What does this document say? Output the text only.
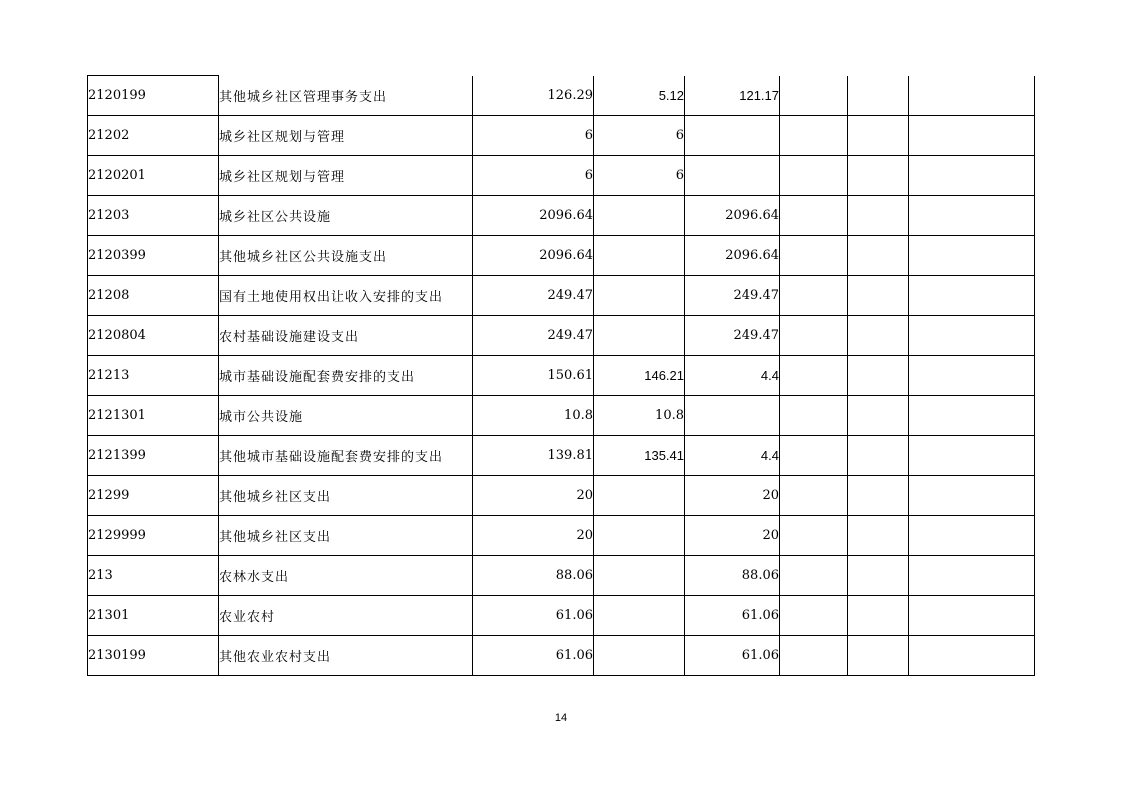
2120199	其他城乡社区管理事务支出	126.29	5.12	121.17			
21202	城乡社区规划与管理	6	6				
2120201	城乡社区规划与管理	6	6				
21203	城乡社区公共设施	2096.64		2096.64			
2120399	其他城乡社区公共设施支出	2096.64		2096.64			
21208	国有土地使用权出让收入安排的支出	249.47		249.47			
2120804	农村基础设施建设支出	249.47		249.47			
21213	城市基础设施配套费安排的支出	150.61	146.21	4.4			
2121301	城市公共设施	10.8	10.8				
2121399	其他城市基础设施配套费安排的支出	139.81	135.41	4.4			
21299	其他城乡社区支出	20		20			
2129999	其他城乡社区支出	20		20			
213	农林水支出	88.06		88.06			
21301	农业农村	61.06		61.06			
2130199	其他农业农村支出	61.06		61.06			
14
